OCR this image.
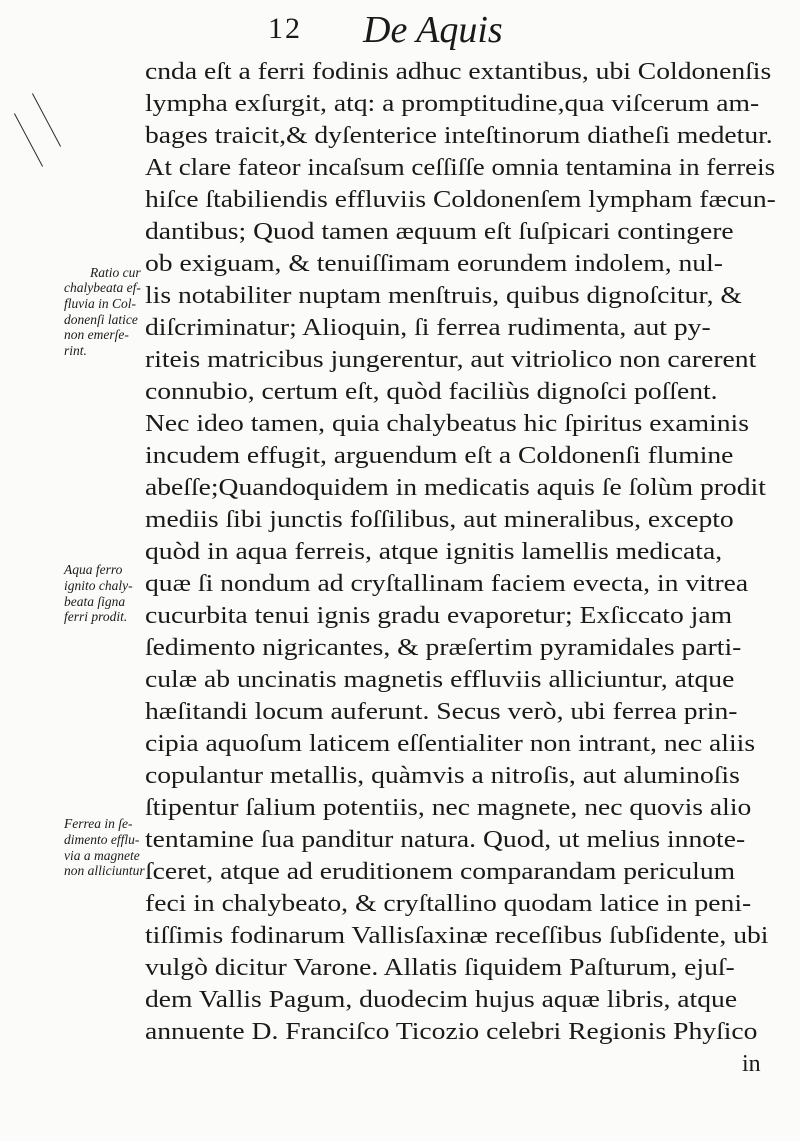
12 De Aquis
Ratio cur
chalybeata ef-
fluvia in Col-
donenſi latice
non emerſe-
rint.
Aqua ferro
ignito chaly-
beata ſigna
ferri prodit.
Ferrea in ſe-
dimento efflu-
via a magnete
non alliciuntur
cnda eſt a ferri fodinis adhuc extantibus, ubi Coldonenſis
lympha exſurgit, atq: a promptitudine,qua viſcerum am-
bages traicit,& dyſenterice inteſtinorum diatheſi medetur.
At clare fateor incaſsum ceſſiſſe omnia tentamina in ferreis
hiſce ſtabiliendis effluviis Coldonenſem lympham fæcun-
dantibus; Quod tamen æquum eſt ſuſpicari contingere
ob exiguam, & tenuiſſimam eorundem indolem, nul-
lis notabiliter nuptam menſtruis, quibus dignoſcitur, &
diſcriminatur; Alioquin, ſi ferrea rudimenta, aut py-
riteis matricibus jungerentur, aut vitriolico non carerent
connubio, certum eſt, quòd faciliùs dignoſci poſſent.
Nec ideo tamen, quia chalybeatus hic ſpiritus examinis
incudem effugit, arguendum eſt a Coldonenſi flumine
abeſſe;Quandoquidem in medicatis aquis ſe ſolùm prodit
mediis ſibi junctis foſſilibus, aut mineralibus, excepto
quòd in aqua ferreis, atque ignitis lamellis medicata,
quæ ſi nondum ad cryſtallinam faciem evecta, in vitrea
cucurbita tenui ignis gradu evaporetur; Exſiccato jam
ſedimento nigricantes, & præſertim pyramidales parti-
culæ ab uncinatis magnetis effluviis alliciuntur, atque
hæſitandi locum auferunt. Secus verò, ubi ferrea prin-
cipia aquoſum laticem eſſentialiter non intrant, nec aliis
copulantur metallis, quàmvis a nitroſis, aut aluminoſis
ſtipentur ſalium potentiis, nec magnete, nec quovis alio
tentamine ſua panditur natura. Quod, ut melius innote-
ſceret, atque ad eruditionem comparandam periculum
feci in chalybeato, & cryſtallino quodam latice in peni-
tiſſimis fodinarum Vallisſaxinæ receſſibus ſubſidente, ubi
vulgò dicitur Varone. Allatis ſiquidem Paſturum, ejuſ-
dem Vallis Pagum, duodecim hujus aquæ libris, atque
annuente D. Franciſco Ticozio celebri Regionis Phyſico
in
